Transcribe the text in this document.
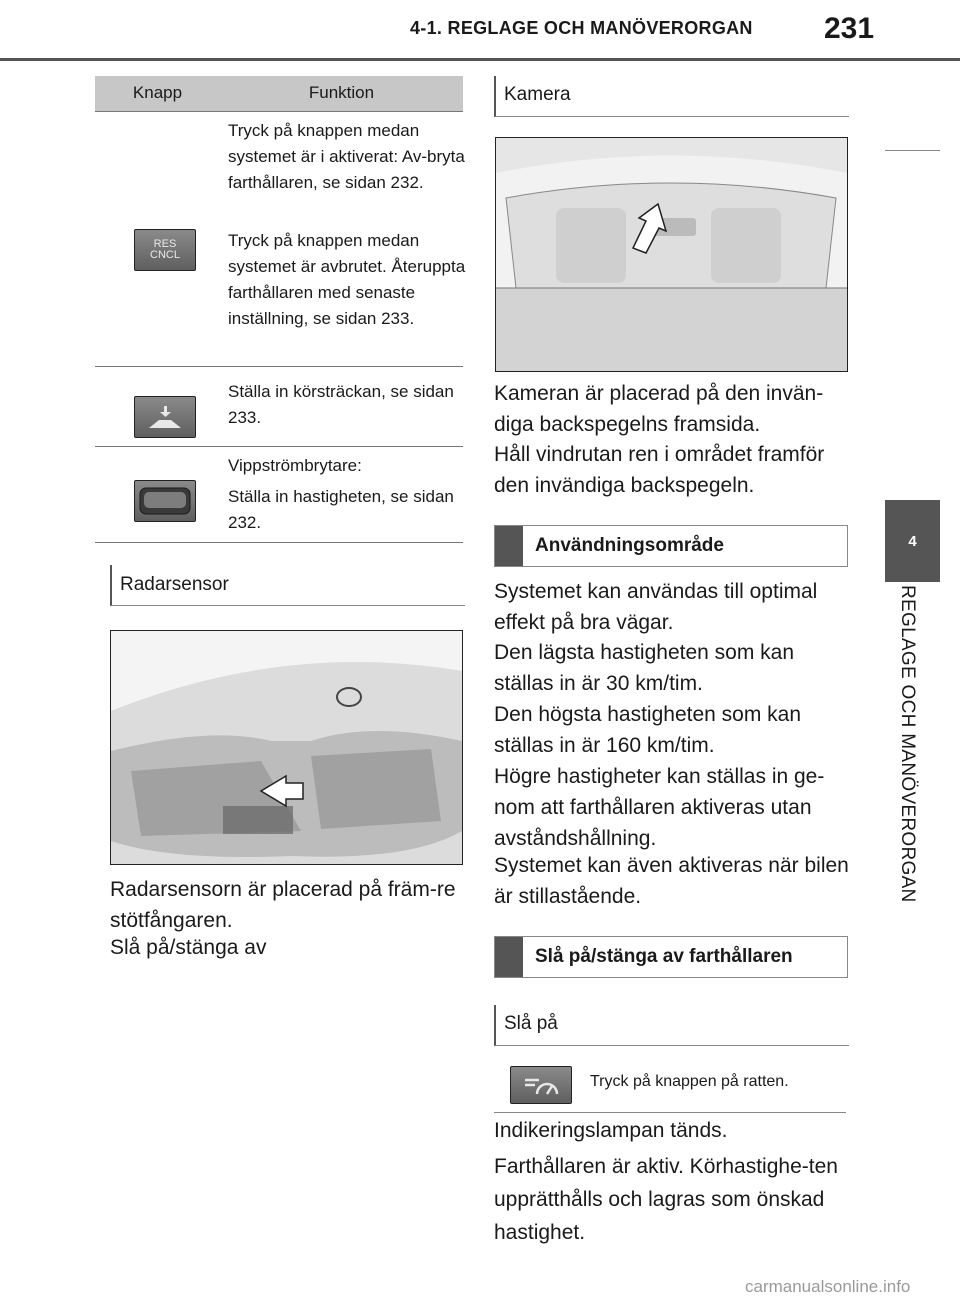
4-1. REGLAGE OCH MANÖVERORGAN 231
4
REGLAGE OCH MANÖVERORGAN
Knapp	Funktion
Tryck på knappen medan systemet är i aktiverat: Av-bryta farthållaren, se sidan 232.
Tryck på knappen medan systemet är avbrutet. Återuppta farthållaren med senaste inställning, se sidan 233.
RES
CNCL
Ställa in körsträckan, se sidan 233.
Vippströmbrytare:
Ställa in hastigheten, se sidan 232.
Radarsensor
Radarsensorn är placerad på främ-re stötfångaren.
Slå på/stänga av
Kamera
Kameran är placerad på den invän-diga backspegelns framsida.
Håll vindrutan ren i området framför den invändiga backspegeln.
Användningsområde
Systemet kan användas till optimal effekt på bra vägar.
Den lägsta hastigheten som kan ställas in är 30 km/tim.
Den högsta hastigheten som kan ställas in är 160 km/tim.
Högre hastigheter kan ställas in ge-nom att farthållaren aktiveras utan avståndshållning.
Systemet kan även aktiveras när bilen är stillastående.
Slå på/stänga av farthållaren
Slå på
Tryck på knappen på ratten.
Indikeringslampan tänds.
Farthållaren är aktiv. Körhastighe-ten upprätthålls och lagras som önskad hastighet.
carmanualsonline.info
